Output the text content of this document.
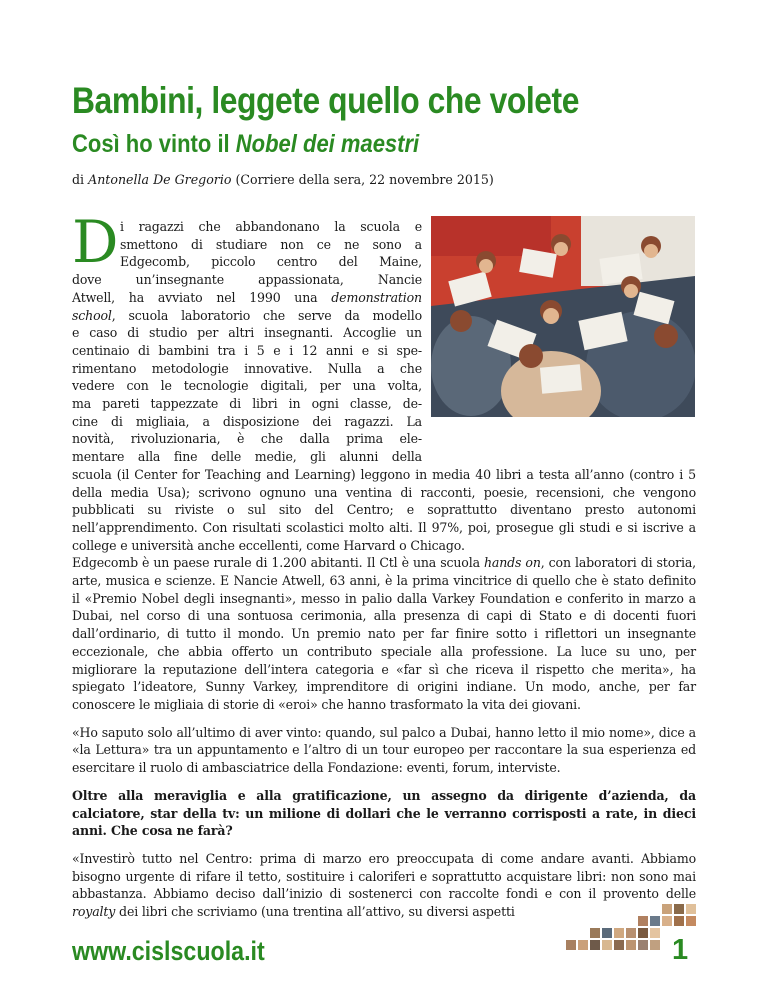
Bambini, leggete quello che volete
Così ho vinto il Nobel dei maestri
di Antonella De Gregorio (Corriere della sera, 22 novembre 2015)
D i ragazzi che abbandonano la scuola e
smettono di studiare non ce ne sono a
Edgecomb, piccolo centro del Maine,
dove un’insegnante appassionata, Nancie
Atwell, ha avviato nel 1990 una demonstration
school, scuola laboratorio che serve da modello
e caso di studio per altri insegnanti. Accoglie un
centinaio di bambini tra i 5 e i 12 anni e si spe-
rimentano metodologie innovative. Nulla a che
vedere con le tecnologie digitali, per una volta,
ma pareti tappezzate di libri in ogni classe, de-
cine di migliaia, a disposizione dei ragazzi. La
novità, rivoluzionaria, è che dalla prima ele-
mentare alla fine delle medie, gli alunni della

scuola (il Center for Teaching and Learning) leggono in media 40 libri a testa all’anno (contro i 5 della media Usa); scrivono ognuno una ventina di racconti, poesie, recensioni, che vengono pubblicati su riviste o sul sito del Centro; e soprattutto diventano presto autonomi nell’apprendimento. Con risultati scolastici molto alti. Il 97%, poi, prosegue gli studi e si iscrive a college e università anche eccellenti, come Harvard o Chicago.

Edgecomb è un paese rurale di 1.200 abitanti. Il Ctl è una scuola hands on, con laboratori di storia, arte, musica e scienze. E Nancie Atwell, 63 anni, è la prima vincitrice di quello che è stato definito il «Premio Nobel degli insegnanti», messo in palio dalla Varkey Foundation e conferito in marzo a Dubai, nel corso di una sontuosa cerimonia, alla presenza di capi di Stato e di docenti fuori dall’ordinario, di tutto il mondo. Un premio nato per far finire sotto i riflettori un insegnante eccezionale, che abbia offerto un contributo speciale alla professione. La luce su uno, per migliorare la reputazione dell’intera categoria e «far sì che riceva il rispetto che merita», ha spiegato l’ideatore, Sunny Varkey, imprenditore di origini indiane. Un modo, anche, per far conoscere le migliaia di storie di «eroi» che hanno trasformato la vita dei giovani.

«Ho saputo solo all’ultimo di aver vinto: quando, sul palco a Dubai, hanno letto il mio nome», dice a «la Lettura» tra un appuntamento e l’altro di un tour europeo per raccontare la sua esperienza ed esercitare il ruolo di ambasciatrice della Fondazione: eventi, forum, interviste.

Oltre alla meraviglia e alla gratificazione, un assegno da dirigente d’azienda, da calciatore, star della tv: un milione di dollari che le verranno corrisposti a rate, in dieci anni. Che cosa ne farà?

«Investirò tutto nel Centro: prima di marzo ero preoccupata di come andare avanti. Abbiamo bisogno urgente di rifare il tetto, sostituire i caloriferi e soprattutto acquistare libri: non sono mai abbastanza. Abbiamo deciso dall’inizio di sostenerci con raccolte fondi e con il provento delle royalty dei libri che scriviamo (una trentina all’attivo, su diversi aspetti

www.cislscuola.it	1
